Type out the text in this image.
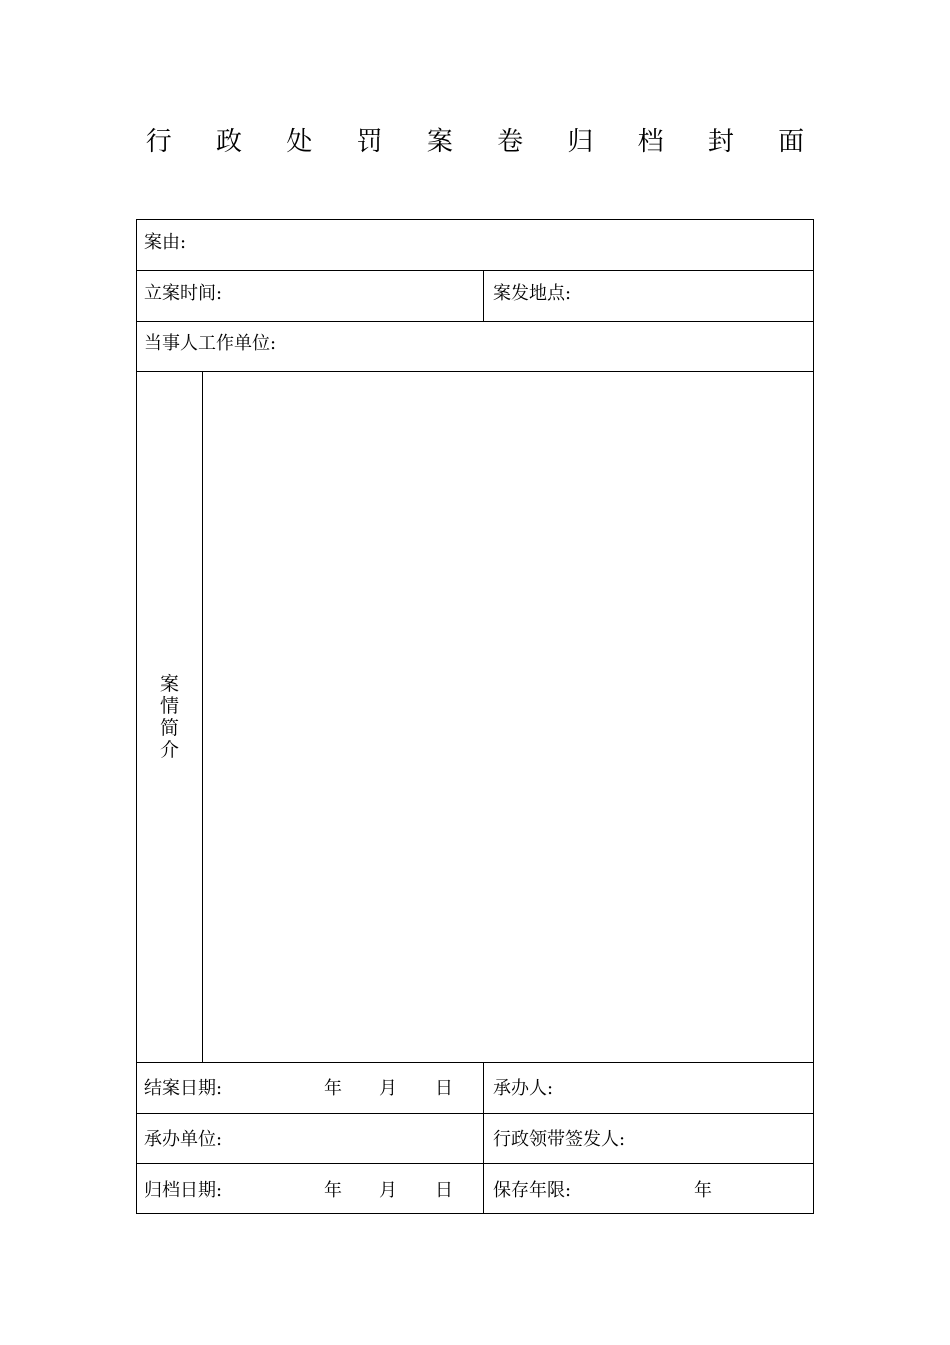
行 政 处 罚 案 卷 归 档 封 面
案由:
立案时间:	案发地点:
当事人工作单位:
案情简介
结案日期:	年 月 日 承办人:
承办单位:	行政领带签发人:
归档日期:	年 月 日 保存年限:	年
